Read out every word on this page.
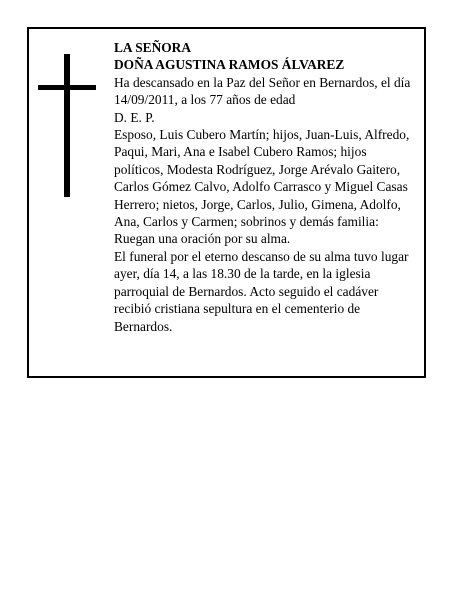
LA SEÑORA

DOÑA AGUSTINA RAMOS ÁLVAREZ

Ha descansado en la Paz del Señor en Bernardos, el día 14/09/2011, a los 77 años de edad

D. E. P.

Esposo, Luis Cubero Martín; hijos, Juan-Luis, Alfredo, Paqui, Mari, Ana e Isabel Cubero Ramos; hijos políticos, Modesta Rodríguez, Jorge Arévalo Gaitero, Carlos Gómez Calvo, Adolfo Carrasco y Miguel Casas Herrero; nietos, Jorge, Carlos, Julio, Gimena, Adolfo, Ana, Carlos y Carmen; sobrinos y demás familia:

Ruegan una oración por su alma.

El funeral por el eterno descanso de su alma tuvo lugar ayer, día 14, a las 18.30 de la tarde, en la iglesia parroquial de Bernardos. Acto seguido el cadáver recibió cristiana sepultura en el cementerio de Bernardos.
